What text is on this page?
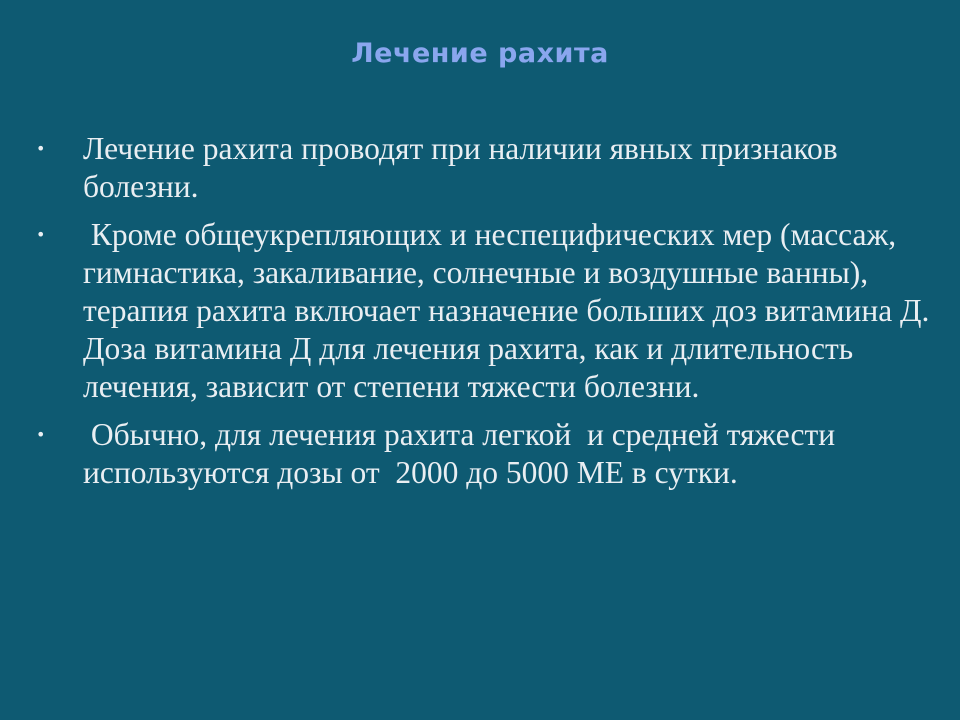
Лечение рахита
• Лечение рахита проводят при наличии явных признаков болезни.
• Кроме общеукрепляющих и неспецифических мер (массаж, гимнастика, закаливание, солнечные и воздушные ванны), терапия рахита включает назначение больших доз витамина Д. Доза витамина Д для лечения рахита, как и длительность лечения, зависит от степени тяжести болезни.
• Обычно, для лечения рахита легкой  и средней тяжести используются дозы от  2000 до 5000 МЕ в сутки.
